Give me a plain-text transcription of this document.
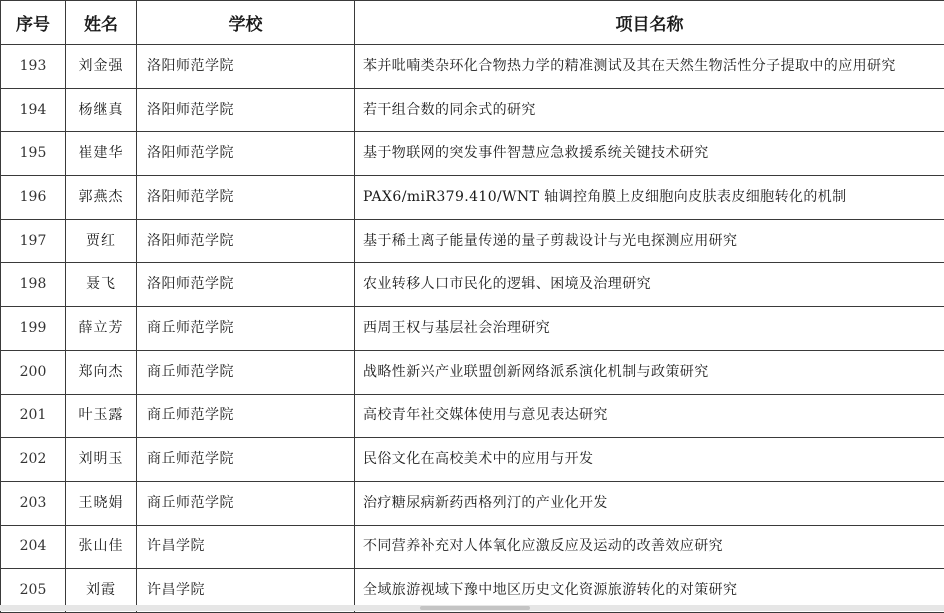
序号	姓名	学校	项目名称
193	刘金强	洛阳师范学院	苯并吡喃类杂环化合物热力学的精准测试及其在天然生物活性分子提取中的应用研究
194	杨继真	洛阳师范学院	若干组合数的同余式的研究
195	崔建华	洛阳师范学院	基于物联网的突发事件智慧应急救援系统关键技术研究
196	郭燕杰	洛阳师范学院	PAX6/miR379.410/WNT 轴调控角膜上皮细胞向皮肤表皮细胞转化的机制
197	贾红	洛阳师范学院	基于稀土离子能量传递的量子剪裁设计与光电探测应用研究
198	聂飞	洛阳师范学院	农业转移人口市民化的逻辑、困境及治理研究
199	薛立芳	商丘师范学院	西周王权与基层社会治理研究
200	郑向杰	商丘师范学院	战略性新兴产业联盟创新网络派系演化机制与政策研究
201	叶玉露	商丘师范学院	高校青年社交媒体使用与意见表达研究
202	刘明玉	商丘师范学院	民俗文化在高校美术中的应用与开发
203	王晓娟	商丘师范学院	治疗糖尿病新药西格列汀的产业化开发
204	张山佳	许昌学院	不同营养补充对人体氧化应激反应及运动的改善效应研究
205	刘霞	许昌学院	全域旅游视域下豫中地区历史文化资源旅游转化的对策研究
